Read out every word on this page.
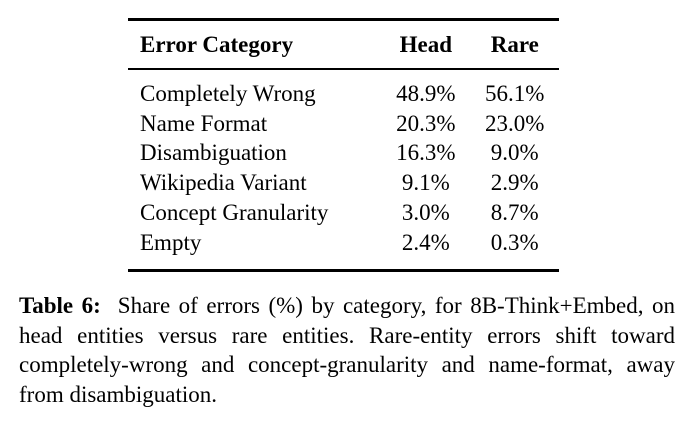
Error Category	Head	Rare
Completely Wrong	48.9%	56.1%
Name Format	20.3%	23.0%
Disambiguation	16.3%	9.0%
Wikipedia Variant	9.1%	2.9%
Concept Granularity	3.0%	8.7%
Empty	2.4%	0.3%
Table 6: Share of errors (%) by category, for 8B-Think+Embed, on head entities versus rare entities. Rare-entity errors shift toward completely-wrong and concept-granularity and name-format, away from disambiguation.
